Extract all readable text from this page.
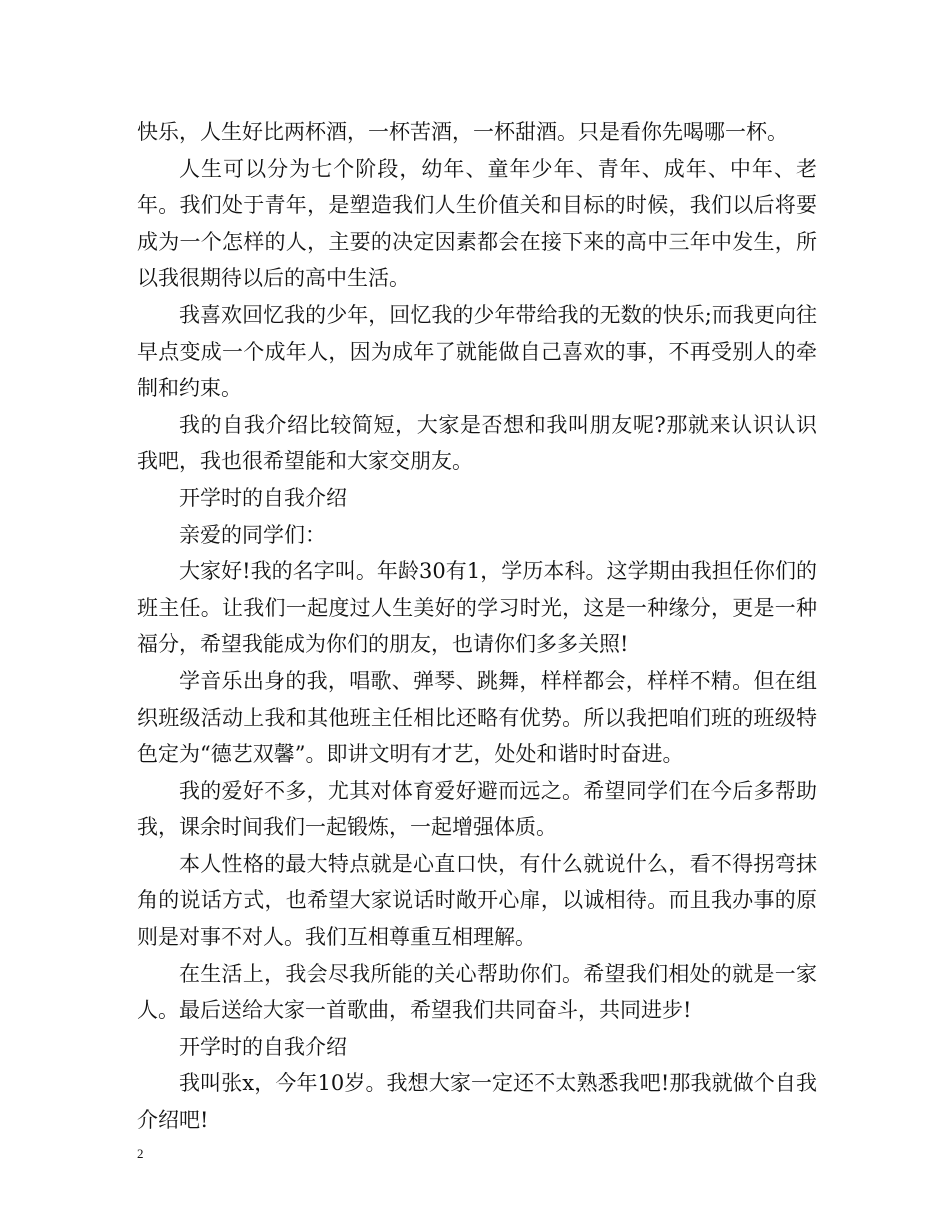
快乐，人生好比两杯酒，一杯苦酒，一杯甜酒。只是看你先喝哪一杯。

人生可以分为七个阶段，幼年、童年少年、青年、成年、中年、老年。我们处于青年，是塑造我们人生价值关和目标的时候，我们以后将要成为一个怎样的人，主要的决定因素都会在接下来的高中三年中发生，所以我很期待以后的高中生活。

我喜欢回忆我的少年，回忆我的少年带给我的无数的快乐;而我更向往早点变成一个成年人，因为成年了就能做自己喜欢的事，不再受别人的牵制和约束。

我的自我介绍比较简短，大家是否想和我叫朋友呢?那就来认识认识我吧，我也很希望能和大家交朋友。

开学时的自我介绍

亲爱的同学们：

大家好!我的名字叫。年龄30有1，学历本科。这学期由我担任你们的班主任。让我们一起度过人生美好的学习时光，这是一种缘分，更是一种福分，希望我能成为你们的朋友，也请你们多多关照!

学音乐出身的我，唱歌、弹琴、跳舞，样样都会，样样不精。但在组织班级活动上我和其他班主任相比还略有优势。所以我把咱们班的班级特色定为“德艺双馨”。即讲文明有才艺，处处和谐时时奋进。

我的爱好不多，尤其对体育爱好避而远之。希望同学们在今后多帮助我，课余时间我们一起锻炼，一起增强体质。

本人性格的最大特点就是心直口快，有什么就说什么，看不得拐弯抹角的说话方式，也希望大家说话时敞开心扉，以诚相待。而且我办事的原则是对事不对人。我们互相尊重互相理解。

在生活上，我会尽我所能的关心帮助你们。希望我们相处的就是一家人。最后送给大家一首歌曲，希望我们共同奋斗，共同进步!

开学时的自我介绍

我叫张x，今年10岁。我想大家一定还不太熟悉我吧!那我就做个自我介绍吧!

2
